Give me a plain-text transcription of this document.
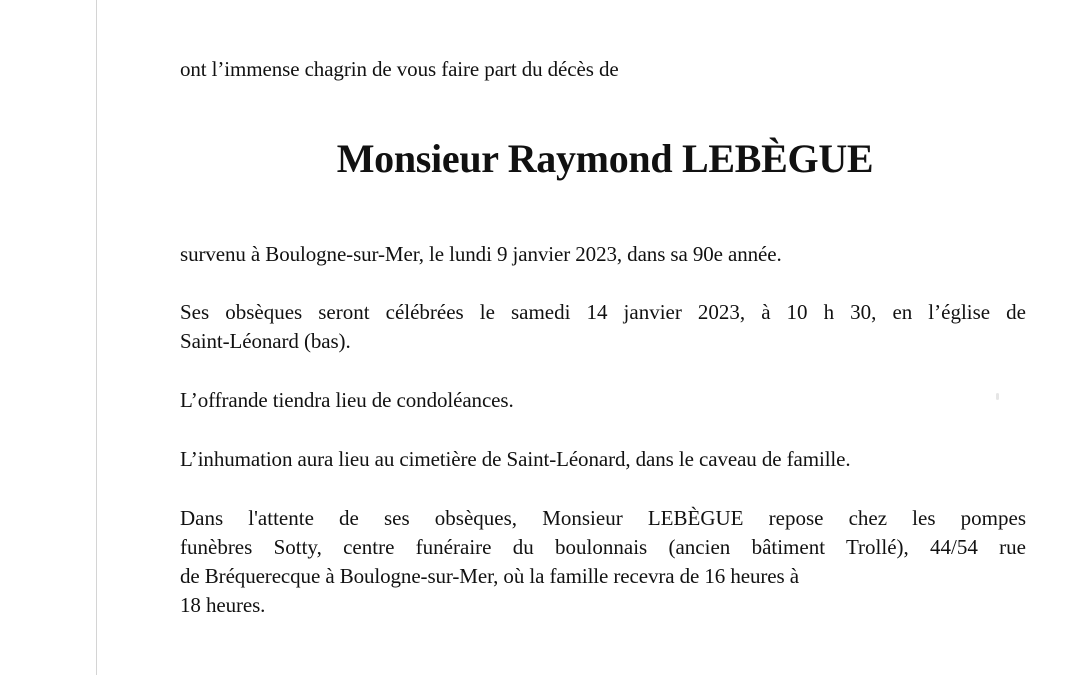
ont l’immense chagrin de vous faire part du décès de
Monsieur Raymond LEBÈGUE
survenu à Boulogne-sur-Mer, le lundi 9 janvier 2023, dans sa 90e année.
Ses obsèques seront célébrées le samedi 14 janvier 2023, à 10 h 30, en l’église de
Saint-Léonard (bas).
L’offrande tiendra lieu de condoléances.
L’inhumation aura lieu au cimetière de Saint-Léonard, dans le caveau de famille.
Dans l'attente de ses obsèques, Monsieur LEBÈGUE repose chez les pompes
funèbres Sotty, centre funéraire du boulonnais (ancien bâtiment Trollé), 44/54 rue
de Bréquerecque à Boulogne-sur-Mer, où la famille recevra de 16 heures à
18 heures.
